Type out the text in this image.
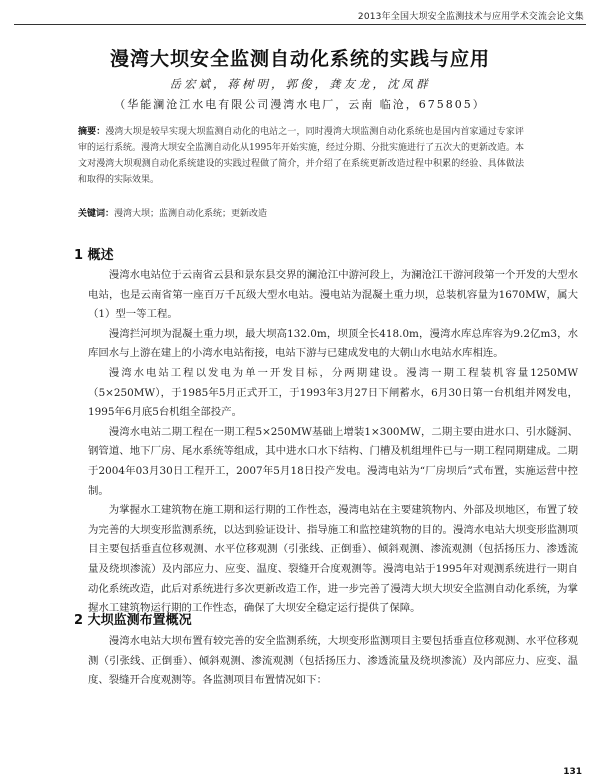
2013年全国大坝安全监测技术与应用学术交流会论文集
漫湾大坝安全监测自动化系统的实践与应用
岳宏斌，蒋树明，郭俊，龚友龙，沈凤群
（华能澜沧江水电有限公司漫湾水电厂，云南 临沧，675805）
摘要：漫湾大坝是较早实现大坝监测自动化的电站之一，同时漫湾大坝监测自动化系统也是国内首家通过专家评审的运行系统。漫湾大坝安全监测自动化从1995年开始实施，经过分期、分批实施进行了五次大的更新改造。本文对漫湾大坝观测自动化系统建设的实践过程做了简介，并介绍了在系统更新改造过程中积累的经验、具体做法和取得的实际效果。
关键词：漫湾大坝；监测自动化系统；更新改造
1 概述

漫湾水电站位于云南省云县和景东县交界的澜沧江中游河段上，为澜沧江干游河段第一个开发的大型水电站，也是云南省第一座百万千瓦级大型水电站。漫电站为混凝土重力坝，总装机容量为1670MW，属大（1）型一等工程。

漫湾拦河坝为混凝土重力坝，最大坝高132.0m，坝顶全长418.0m，漫湾水库总库容为9.2亿m3，水库回水与上游在建上的小湾水电站衔接，电站下游与已建成发电的大朝山水电站水库相连。

漫湾水电站工程以发电为单一开发目标，分两期建设。漫湾一期工程装机容量1250MW（5×250MW），于1985年5月正式开工，于1993年3月27日下闸蓄水，6月30日第一台机组并网发电，1995年6月底5台机组全部投产。

漫湾水电站二期工程在一期工程5×250MW基础上增装1×300MW，二期主要由进水口、引水隧洞、钢管道、地下厂房、尾水系统等组成，其中进水口水下结构、门槽及机组埋件已与一期工程同期建成。二期于2004年03月30日工程开工，2007年5月18日投产发电。漫湾电站为“厂房坝后”式布置，实施运营中控制。

为掌握水工建筑物在施工期和运行期的工作性态，漫湾电站在主要建筑物内、外部及坝地区，布置了较为完善的大坝变形监测系统，以达到验证设计、指导施工和监控建筑物的目的。漫湾水电站大坝变形监测项目主要包括垂直位移观测、水平位移观测（引张线、正倒垂）、倾斜观测、渗流观测（包括扬压力、渗透流量及绕坝渗流）及内部应力、应变、温度、裂缝开合度观测等。漫湾电站于1995年对观测系统进行一期自动化系统改造，此后对系统进行多次更新改造工作，进一步完善了漫湾大坝大坝安全监测自动化系统，为掌握水工建筑物运行期的工作性态，确保了大坝安全稳定运行提供了保障。

2 大坝监测布置概况

漫湾水电站大坝布置有较完善的安全监测系统，大坝变形监测项目主要包括垂直位移观测、水平位移观测（引张线、正倒垂）、倾斜观测、渗流观测（包括扬压力、渗透流量及绕坝渗流）及内部应力、应变、温度、裂缝开合度观测等。各监测项目布置情况如下：

131
